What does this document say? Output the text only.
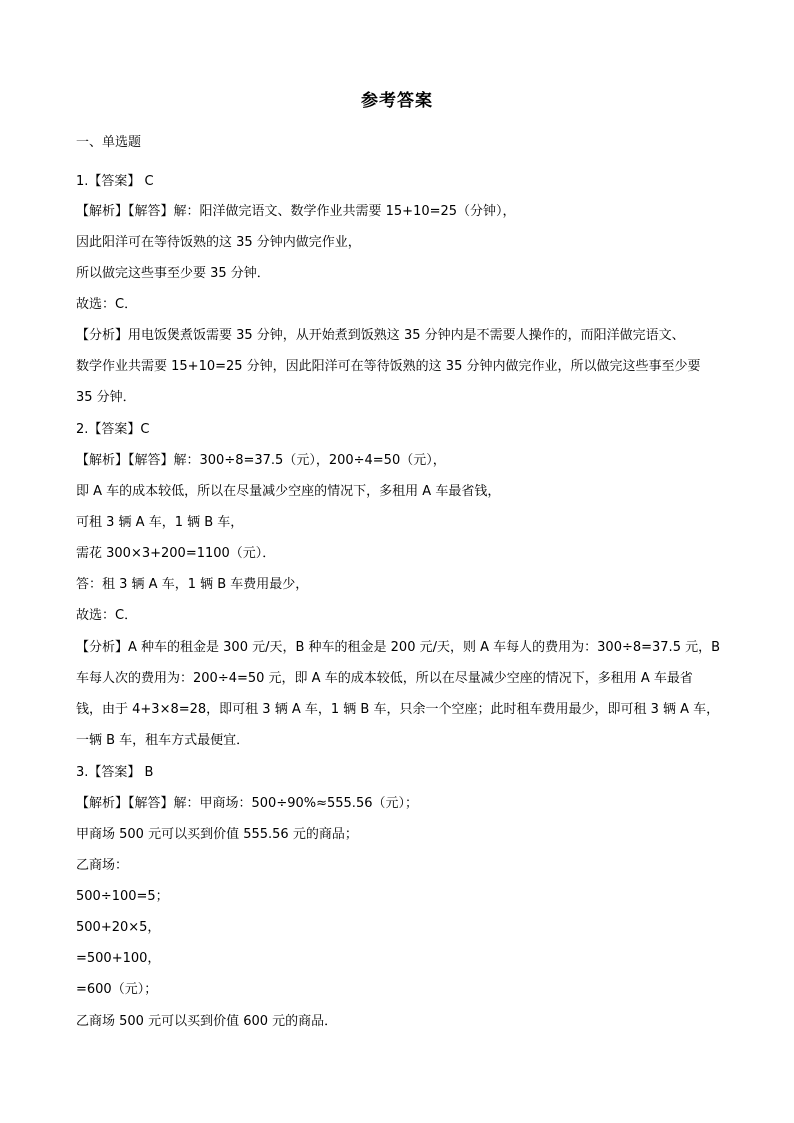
参考答案
一、单选题
1.【答案】 C
【解析】【解答】解：阳洋做完语文、数学作业共需要 15+10=25（分钟），
因此阳洋可在等待饭熟的这 35 分钟内做完作业，
所以做完这些事至少要 35 分钟．
故选：C．
【分析】用电饭煲煮饭需要 35 分钟，从开始煮到饭熟这 35 分钟内是不需要人操作的，而阳洋做完语文、
数学作业共需要 15+10=25 分钟，因此阳洋可在等待饭熟的这 35 分钟内做完作业，所以做完这些事至少要
35 分钟．
2.【答案】C
【解析】【解答】解：300÷8=37.5（元），200÷4=50（元），
即 A 车的成本较低，所以在尽量减少空座的情况下，多租用 A 车最省钱，
可租 3 辆 A 车，1 辆 B 车，
需花 300×3+200=1100（元）．
答：租 3 辆 A 车，1 辆 B 车费用最少，
故选：C．
【分析】A 种车的租金是 300 元/天，B 种车的租金是 200 元/天，则 A 车每人的费用为：300÷8=37.5 元，B
车每人次的费用为：200÷4=50 元，即 A 车的成本较低，所以在尽量减少空座的情况下，多租用 A 车最省
钱，由于 4+3×8=28，即可租 3 辆 A 车，1 辆 B 车，只余一个空座；此时租车费用最少，即可租 3 辆 A 车，
一辆 B 车，租车方式最便宜．
3.【答案】 B
【解析】【解答】解：甲商场：500÷90%≈555.56（元）；
甲商场 500 元可以买到价值 555.56 元的商品；
乙商场：
500÷100=5；
500+20×5，
=500+100，
=600（元）；
乙商场 500 元可以买到价值 600 元的商品．
